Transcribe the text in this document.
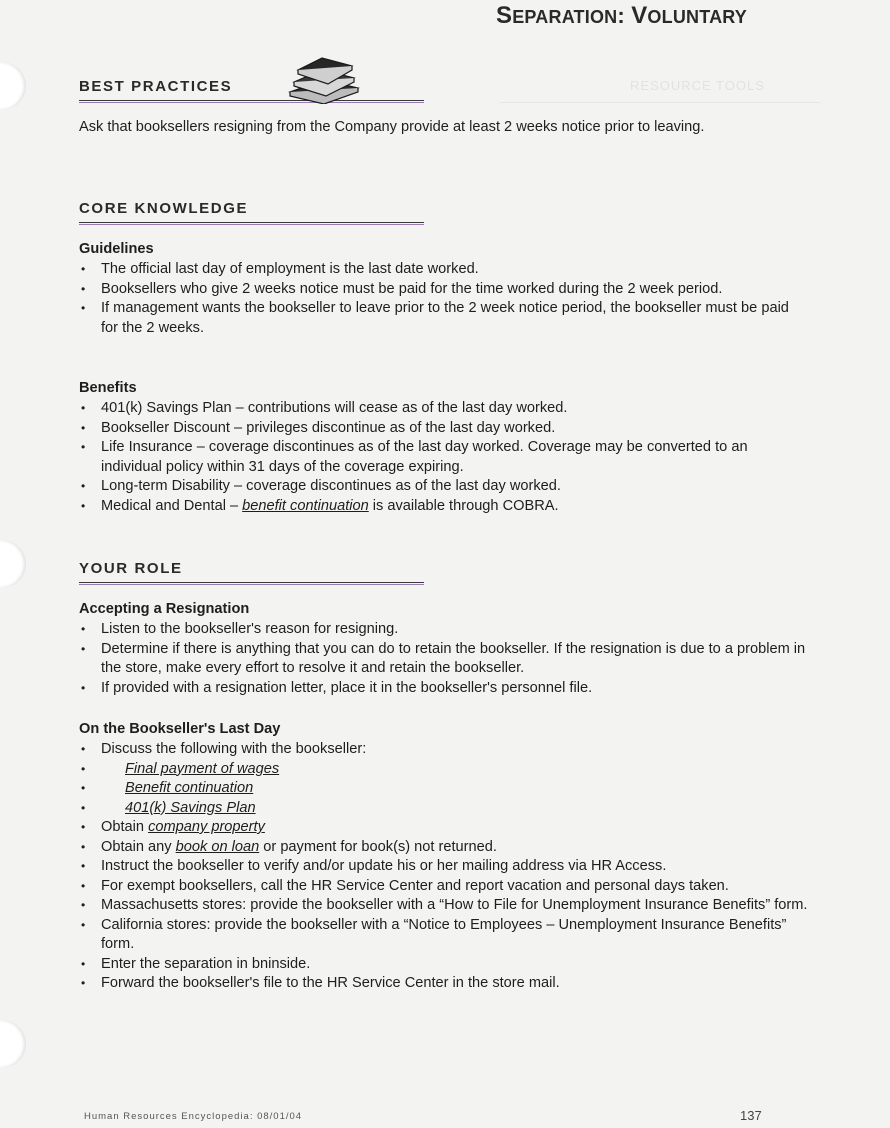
RESOURCE TOOLS
SEPARATION: VOLUNTARY
BEST PRACTICES

Ask that booksellers resigning from the Company provide at least 2 weeks notice prior to leaving.

CORE KNOWLEDGE
Guidelines
• The official last day of employment is the last date worked.
• Booksellers who give 2 weeks notice must be paid for the time worked during the 2 week period.
• If management wants the bookseller to leave prior to the 2 week notice period, the bookseller must be paid for the 2 weeks.
Benefits
• 401(k) Savings Plan – contributions will cease as of the last day worked.
• Bookseller Discount – privileges discontinue as of the last day worked.
• Life Insurance – coverage discontinues as of the last day worked. Coverage may be converted to an individual policy within 31 days of the coverage expiring.
• Long-term Disability – coverage discontinues as of the last day worked.
• Medical and Dental – benefit continuation is available through COBRA.
YOUR ROLE
Accepting a Resignation
• Listen to the bookseller's reason for resigning.
• Determine if there is anything that you can do to retain the bookseller. If the resignation is due to a problem in the store, make every effort to resolve it and retain the bookseller.
• If provided with a resignation letter, place it in the bookseller's personnel file.
On the Bookseller's Last Day
• Discuss the following with the bookseller:
• Final payment of wages
• Benefit continuation
• 401(k) Savings Plan
• Obtain company property
• Obtain any book on loan or payment for book(s) not returned.
• Instruct the bookseller to verify and/or update his or her mailing address via HR Access.
• For exempt booksellers, call the HR Service Center and report vacation and personal days taken.
• Massachusetts stores: provide the bookseller with a “How to File for Unemployment Insurance Benefits” form.
• California stores: provide the bookseller with a “Notice to Employees – Unemployment Insurance Benefits” form.
• Enter the separation in bninside.
• Forward the bookseller's file to the HR Service Center in the store mail.
Human Resources Encyclopedia: 08/01/04	137
